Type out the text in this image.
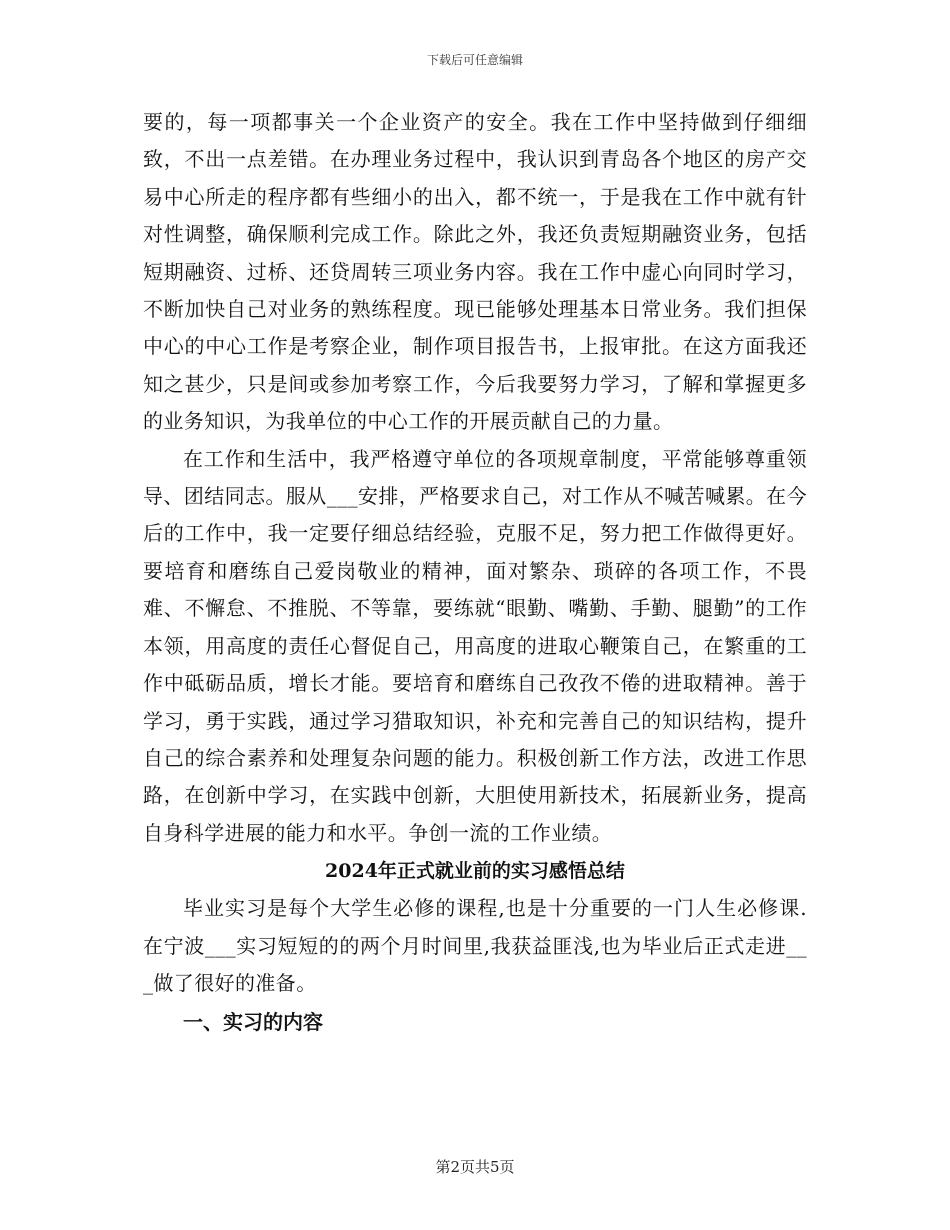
下载后可任意编辑

要的，每一项都事关一个企业资产的安全。我在工作中坚持做到仔细细致，不出一点差错。在办理业务过程中，我认识到青岛各个地区的房产交易中心所走的程序都有些细小的出入，都不统一，于是我在工作中就有针对性调整，确保顺利完成工作。除此之外，我还负责短期融资业务，包括短期融资、过桥、还贷周转三项业务内容。我在工作中虚心向同时学习，不断加快自己对业务的熟练程度。现已能够处理基本日常业务。我们担保中心的中心工作是考察企业，制作项目报告书，上报审批。在这方面我还知之甚少，只是间或参加考察工作，今后我要努力学习，了解和掌握更多的业务知识，为我单位的中心工作的开展贡献自己的力量。

在工作和生活中，我严格遵守单位的各项规章制度，平常能够尊重领导、团结同志。服从___安排，严格要求自己，对工作从不喊苦喊累。在今后的工作中，我一定要仔细总结经验，克服不足，努力把工作做得更好。要培育和磨练自己爱岗敬业的精神，面对繁杂、琐碎的各项工作，不畏难、不懈怠、不推脱、不等靠，要练就“眼勤、嘴勤、手勤、腿勤”的工作本领，用高度的责任心督促自己，用高度的进取心鞭策自己，在繁重的工作中砥砺品质，增长才能。要培育和磨练自己孜孜不倦的进取精神。善于学习，勇于实践，通过学习猎取知识，补充和完善自己的知识结构，提升自己的综合素养和处理复杂问题的能力。积极创新工作方法，改进工作思路，在创新中学习，在实践中创新，大胆使用新技术，拓展新业务，提高自身科学进展的能力和水平。争创一流的工作业绩。

2024年正式就业前的实习感悟总结

毕业实习是每个大学生必修的课程,也是十分重要的一门人生必修课.在宁波___实习短短的的两个月时间里,我获益匪浅,也为毕业后正式走进___做了很好的准备。

一、实习的内容
第2页共5页
